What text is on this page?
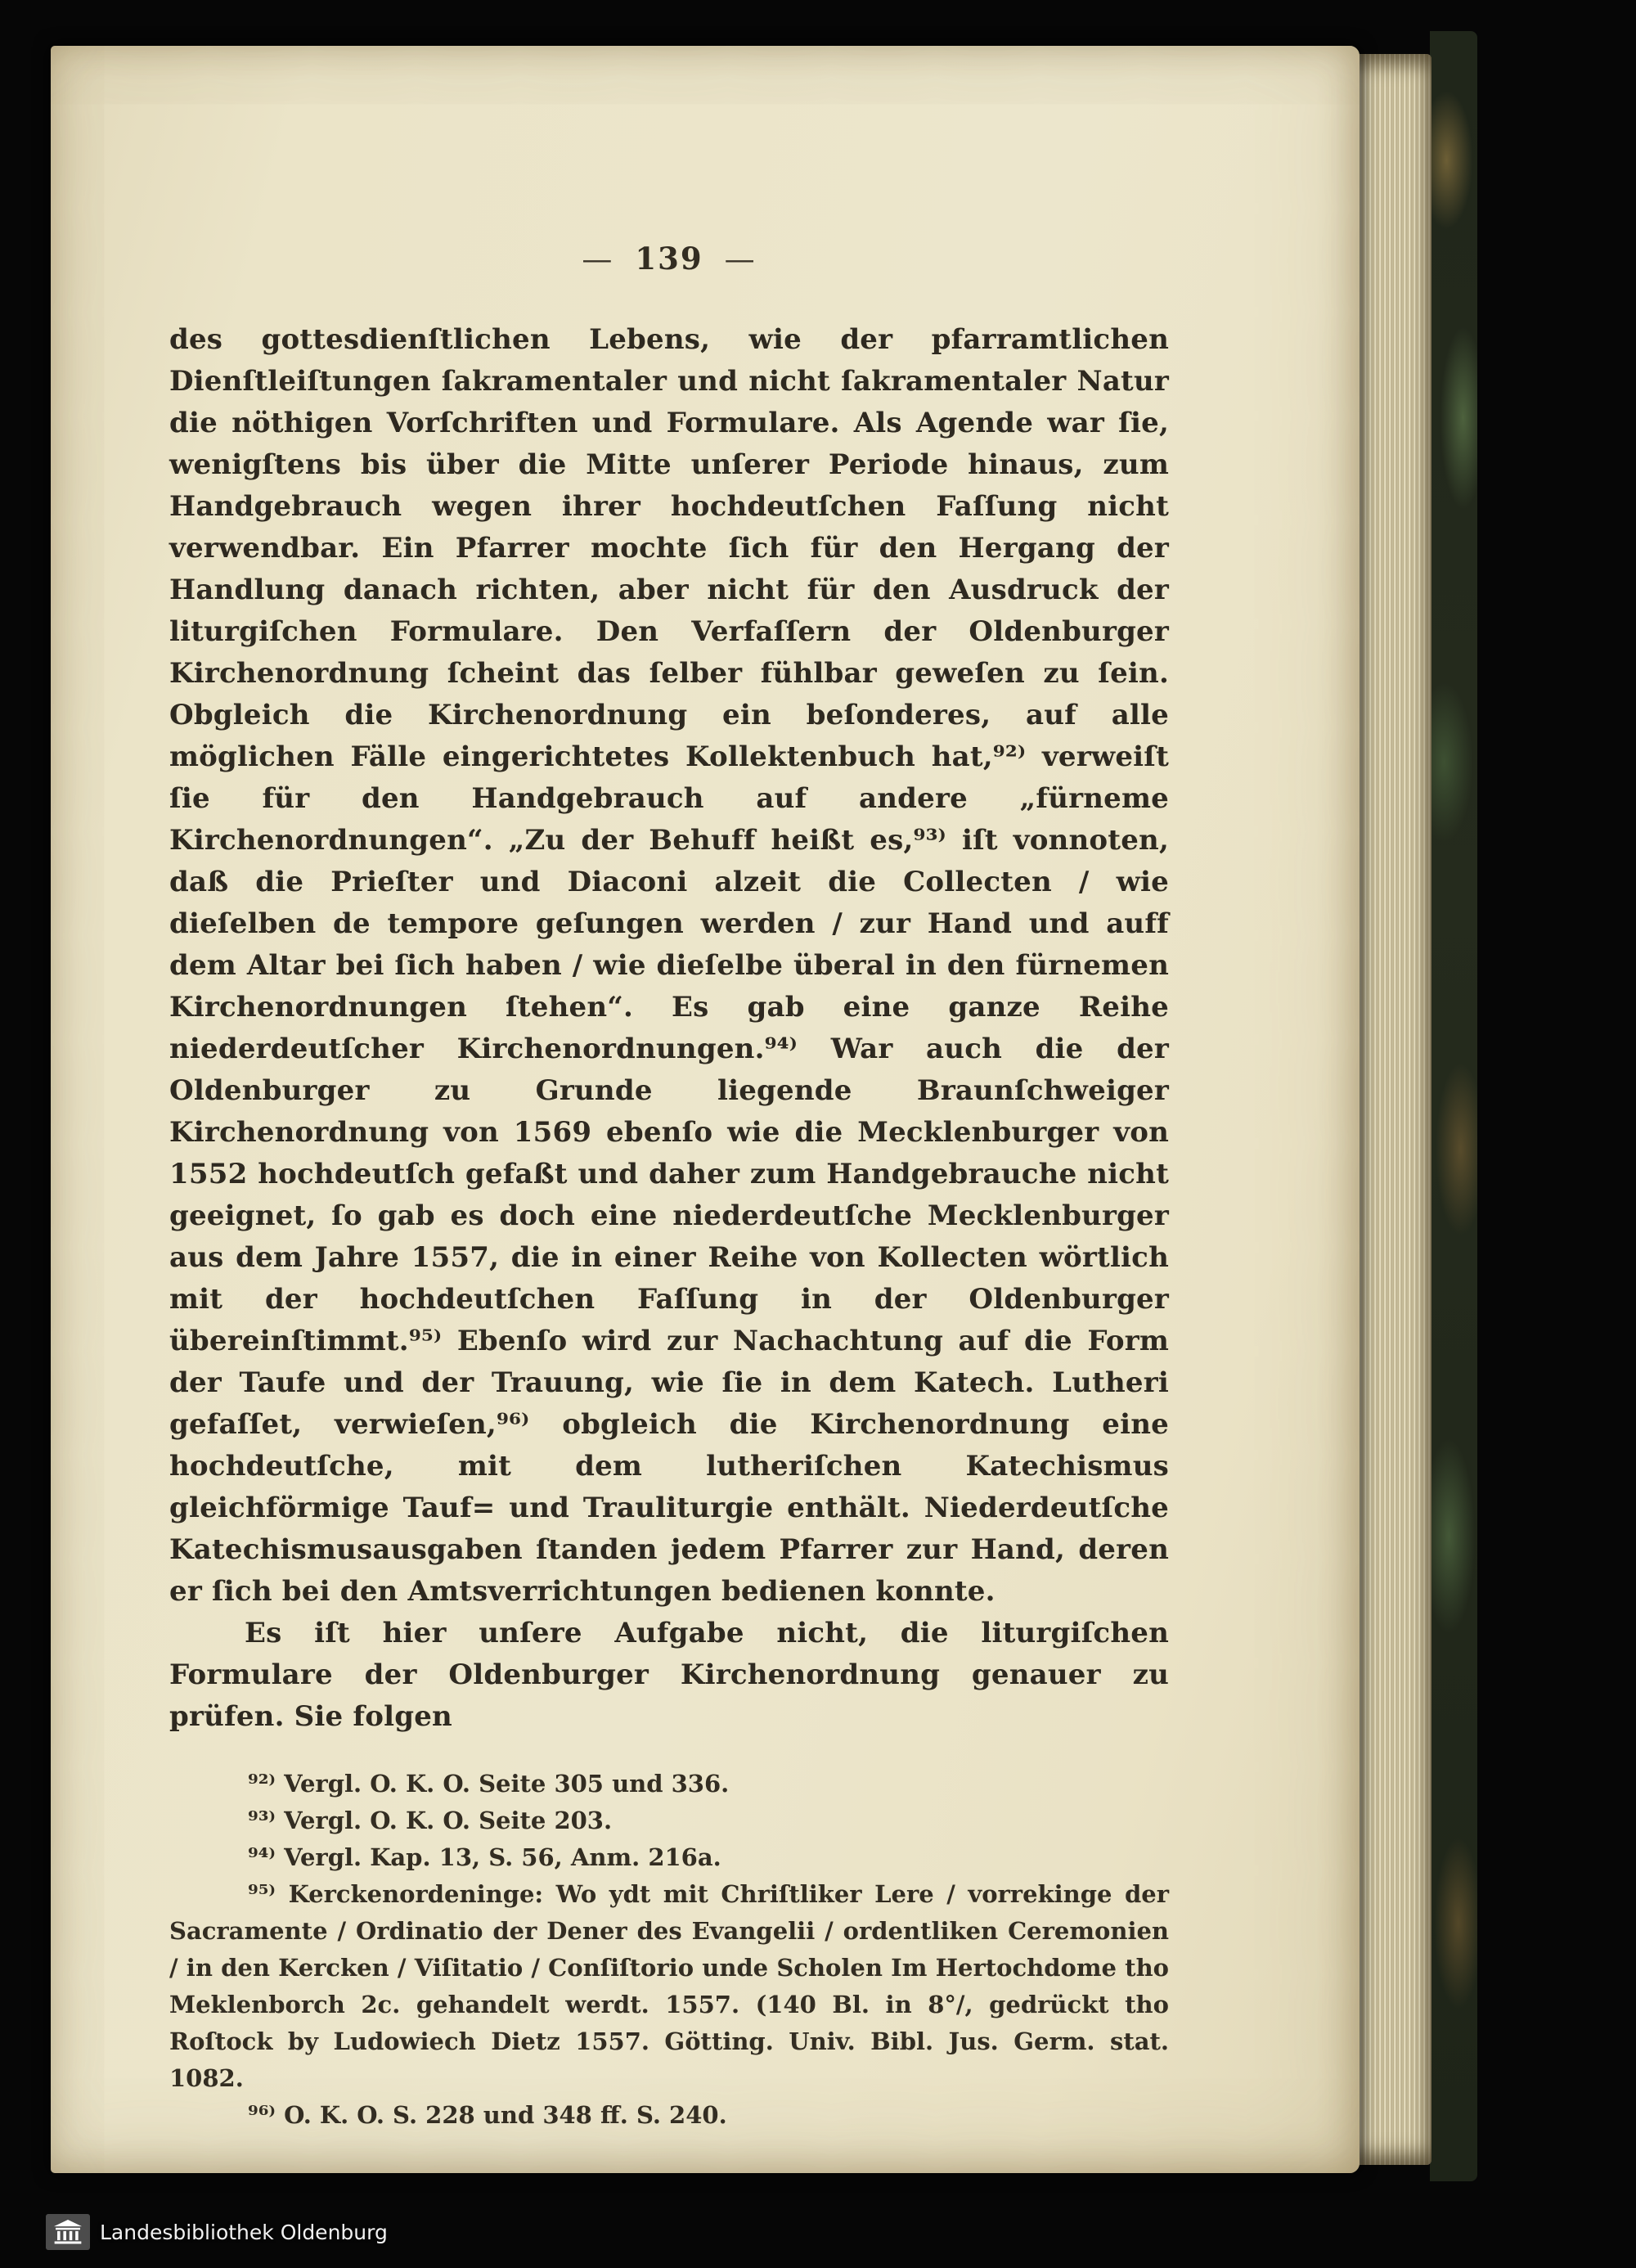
— 139 —

des gottesdienſtlichen Lebens, wie der pfarramtlichen Dienſtleiſtungen ſakramentaler und nicht ſakramentaler Natur die nöthigen Vorſchriften und Formulare. Als Agende war ſie, wenigſtens bis über die Mitte unſerer Periode hinaus, zum Handgebrauch wegen ihrer hochdeutſchen Faſſung nicht verwendbar. Ein Pfarrer mochte ſich für den Hergang der Handlung danach richten, aber nicht für den Ausdruck der liturgiſchen Formulare. Den Verfaſſern der Oldenburger Kirchenordnung ſcheint das ſelber fühlbar geweſen zu ſein. Obgleich die Kirchenordnung ein beſonderes, auf alle möglichen Fälle eingerichtetes Kollektenbuch hat,⁹²⁾ verweiſt ſie für den Handgebrauch auf andere „fürneme Kirchenordnungen“. „Zu der Behuff heißt es,⁹³⁾ iſt vonnoten, daß die Prieſter und Diaconi alzeit die Collecten / wie dieſelben de tempore geſungen werden / zur Hand und auff dem Altar bei ſich haben / wie dieſelbe überal in den fürnemen Kirchenordnungen ſtehen“. Es gab eine ganze Reihe niederdeutſcher Kirchenordnungen.⁹⁴⁾ War auch die der Oldenburger zu Grunde liegende Braunſchweiger Kirchenordnung von 1569 ebenſo wie die Mecklenburger von 1552 hochdeutſch gefaßt und daher zum Handgebrauche nicht geeignet, ſo gab es doch eine niederdeutſche Mecklenburger aus dem Jahre 1557, die in einer Reihe von Kollecten wörtlich mit der hochdeutſchen Faſſung in der Oldenburger übereinſtimmt.⁹⁵⁾ Ebenſo wird zur Nachachtung auf die Form der Taufe und der Trauung, wie ſie in dem Katech. Lutheri gefaſſet, verwieſen,⁹⁶⁾ obgleich die Kirchenordnung eine hochdeutſche, mit dem lutheriſchen Katechismus gleichförmige Tauf= und Trauliturgie enthält. Niederdeutſche Katechismusausgaben ſtanden jedem Pfarrer zur Hand, deren er ſich bei den Amtsverrichtungen bedienen konnte.

Es iſt hier unſere Aufgabe nicht, die liturgiſchen Formulare der Oldenburger Kirchenordnung genauer zu prüfen. Sie folgen

⁹²⁾ Vergl. O. K. O. Seite 305 und 336.

⁹³⁾ Vergl. O. K. O. Seite 203.

⁹⁴⁾ Vergl. Kap. 13, S. 56, Anm. 216a.

⁹⁵⁾ Kerckenordeninge: Wo ydt mit Chriſtliker Lere / vorrekinge der Sacramente / Ordinatio der Dener des Evangelii / ordentliken Ceremonien / in den Kercken / Viſitatio / Conſiſtorio unde Scholen Im Hertochdome tho Meklenborch 2c. gehandelt werdt. 1557. (140 Bl. in 8°/, gedrückt tho Roſtock by Ludowiech Dietz 1557. Götting. Univ. Bibl. Jus. Germ. stat. 1082.

⁹⁶⁾ O. K. O. S. 228 und 348 ff. S. 240.

Landesbibliothek Oldenburg
